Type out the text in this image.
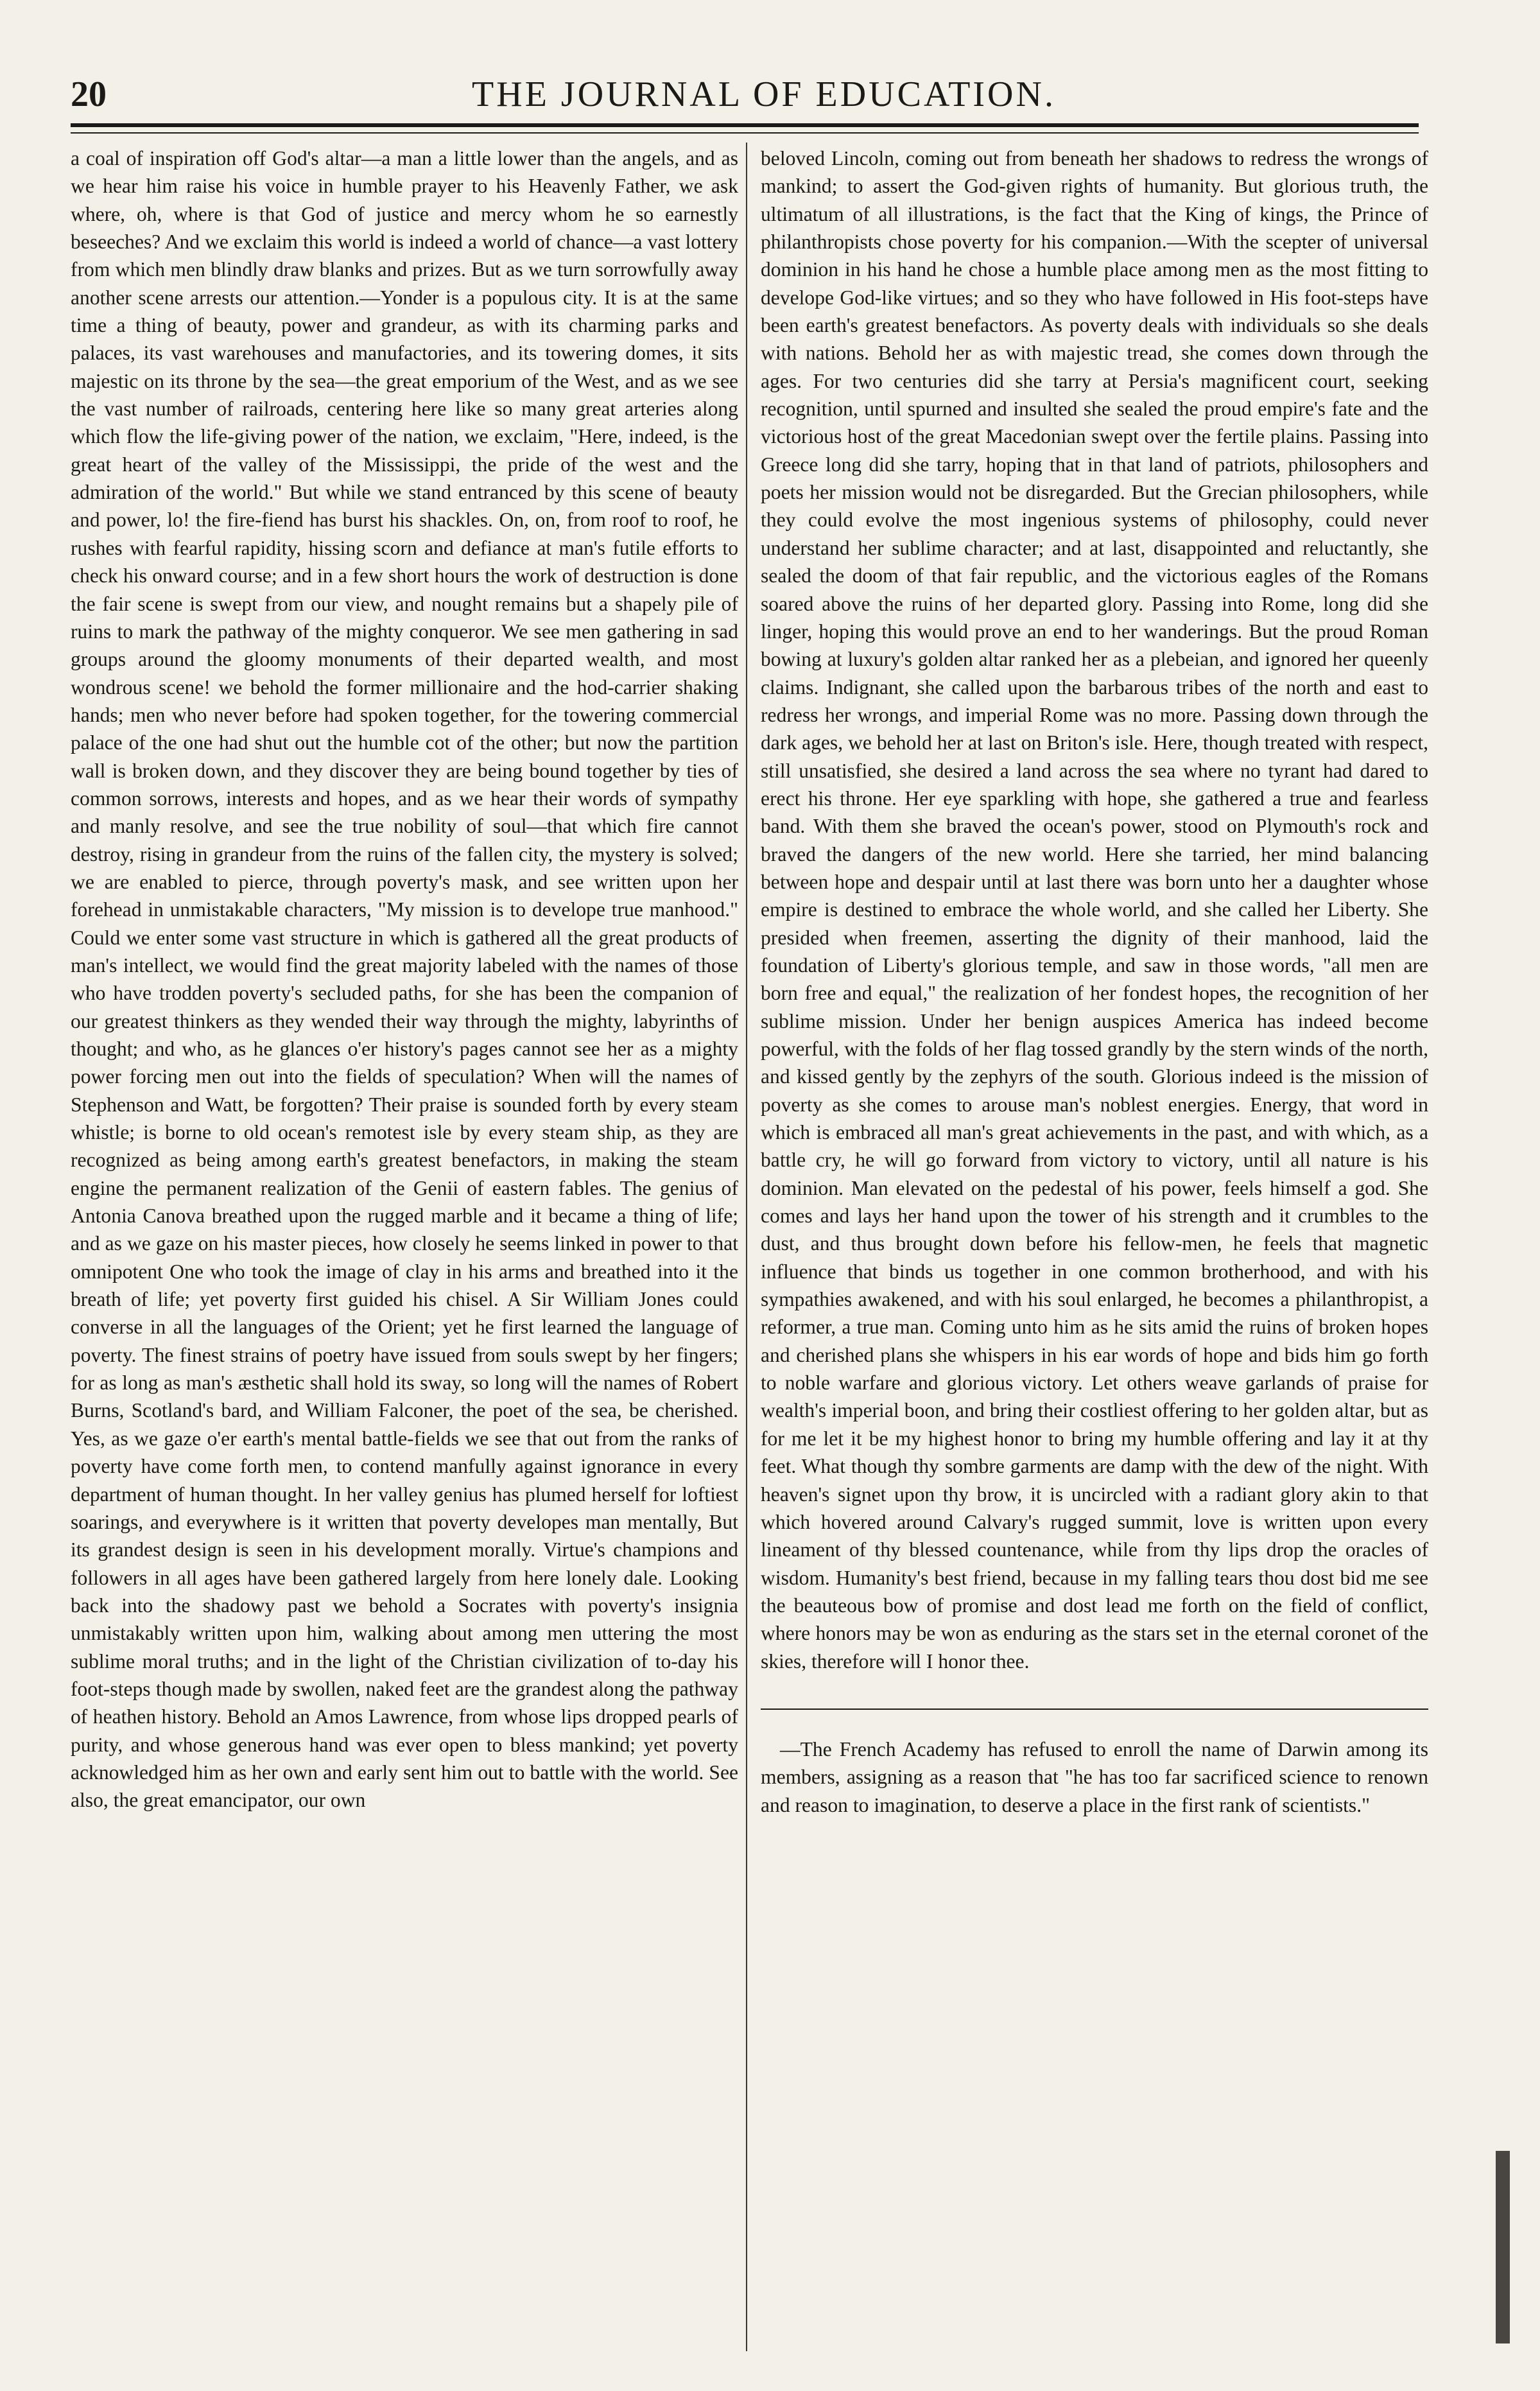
20	THE JOURNAL OF EDUCATION.

a coal of inspiration off God's altar—a man a little lower than the angels, and as we hear him raise his voice in humble prayer to his Heavenly Father, we ask where, oh, where is that God of justice and mercy whom he so earnestly beseeches? And we exclaim this world is indeed a world of chance—a vast lottery from which men blindly draw blanks and prizes. But as we turn sorrowfully away another scene arrests our attention.—Yonder is a populous city. It is at the same time a thing of beauty, power and grandeur, as with its charming parks and palaces, its vast warehouses and manufactories, and its towering domes, it sits majestic on its throne by the sea—the great emporium of the West, and as we see the vast number of railroads, centering here like so many great arteries along which flow the life-giving power of the nation, we exclaim, "Here, indeed, is the great heart of the valley of the Mississippi, the pride of the west and the admiration of the world." But while we stand entranced by this scene of beauty and power, lo! the fire-fiend has burst his shackles. On, on, from roof to roof, he rushes with fearful rapidity, hissing scorn and defiance at man's futile efforts to check his onward course; and in a few short hours the work of destruction is done the fair scene is swept from our view, and nought remains but a shapely pile of ruins to mark the pathway of the mighty conqueror. We see men gathering in sad groups around the gloomy monuments of their departed wealth, and most wondrous scene! we behold the former millionaire and the hod-carrier shaking hands; men who never before had spoken together, for the towering commercial palace of the one had shut out the humble cot of the other; but now the partition wall is broken down, and they discover they are being bound together by ties of common sorrows, interests and hopes, and as we hear their words of sympathy and manly resolve, and see the true nobility of soul—that which fire cannot destroy, rising in grandeur from the ruins of the fallen city, the mystery is solved; we are enabled to pierce, through poverty's mask, and see written upon her forehead in unmistakable characters, "My mission is to develope true manhood." Could we enter some vast structure in which is gathered all the great products of man's intellect, we would find the great majority labeled with the names of those who have trodden poverty's secluded paths, for she has been the companion of our greatest thinkers as they wended their way through the mighty, labyrinths of thought; and who, as he glances o'er history's pages cannot see her as a mighty power forcing men out into the fields of speculation? When will the names of Stephenson and Watt, be forgotten? Their praise is sounded forth by every steam whistle; is borne to old ocean's remotest isle by every steam ship, as they are recognized as being among earth's greatest benefactors, in making the steam engine the permanent realization of the Genii of eastern fables. The genius of Antonia Canova breathed upon the rugged marble and it became a thing of life; and as we gaze on his master pieces, how closely he seems linked in power to that omnipotent One who took the image of clay in his arms and breathed into it the breath of life; yet poverty first guided his chisel. A Sir William Jones could converse in all the languages of the Orient; yet he first learned the language of poverty. The finest strains of poetry have issued from souls swept by her fingers; for as long as man's æsthetic shall hold its sway, so long will the names of Robert Burns, Scotland's bard, and William Falconer, the poet of the sea, be cherished. Yes, as we gaze o'er earth's mental battle-fields we see that out from the ranks of poverty have come forth men, to contend manfully against ignorance in every department of human thought. In her valley genius has plumed herself for loftiest soarings, and everywhere is it written that poverty developes man mentally, But its grandest design is seen in his development morally. Virtue's champions and followers in all ages have been gathered largely from here lonely dale. Looking back into the shadowy past we behold a Socrates with poverty's insignia unmistakably written upon him, walking about among men uttering the most sublime moral truths; and in the light of the Christian civilization of to-day his foot-steps though made by swollen, naked feet are the grandest along the pathway of heathen history. Behold an Amos Lawrence, from whose lips dropped pearls of purity, and whose generous hand was ever open to bless mankind; yet poverty acknowledged him as her own and early sent him out to battle with the world. See also, the great emancipator, our own

beloved Lincoln, coming out from beneath her shadows to redress the wrongs of mankind; to assert the God-given rights of humanity. But glorious truth, the ultimatum of all illustrations, is the fact that the King of kings, the Prince of philanthropists chose poverty for his companion.—With the scepter of universal dominion in his hand he chose a humble place among men as the most fitting to develope God-like virtues; and so they who have followed in His foot-steps have been earth's greatest benefactors. As poverty deals with individuals so she deals with nations. Behold her as with majestic tread, she comes down through the ages. For two centuries did she tarry at Persia's magnificent court, seeking recognition, until spurned and insulted she sealed the proud empire's fate and the victorious host of the great Macedonian swept over the fertile plains. Passing into Greece long did she tarry, hoping that in that land of patriots, philosophers and poets her mission would not be disregarded. But the Grecian philosophers, while they could evolve the most ingenious systems of philosophy, could never understand her sublime character; and at last, disappointed and reluctantly, she sealed the doom of that fair republic, and the victorious eagles of the Romans soared above the ruins of her departed glory. Passing into Rome, long did she linger, hoping this would prove an end to her wanderings. But the proud Roman bowing at luxury's golden altar ranked her as a plebeian, and ignored her queenly claims. Indignant, she called upon the barbarous tribes of the north and east to redress her wrongs, and imperial Rome was no more. Passing down through the dark ages, we behold her at last on Briton's isle. Here, though treated with respect, still unsatisfied, she desired a land across the sea where no tyrant had dared to erect his throne. Her eye sparkling with hope, she gathered a true and fearless band. With them she braved the ocean's power, stood on Plymouth's rock and braved the dangers of the new world. Here she tarried, her mind balancing between hope and despair until at last there was born unto her a daughter whose empire is destined to embrace the whole world, and she called her Liberty. She presided when freemen, asserting the dignity of their manhood, laid the foundation of Liberty's glorious temple, and saw in those words, "all men are born free and equal," the realization of her fondest hopes, the recognition of her sublime mission. Under her benign auspices America has indeed become powerful, with the folds of her flag tossed grandly by the stern winds of the north, and kissed gently by the zephyrs of the south. Glorious indeed is the mission of poverty as she comes to arouse man's noblest energies. Energy, that word in which is embraced all man's great achievements in the past, and with which, as a battle cry, he will go forward from victory to victory, until all nature is his dominion. Man elevated on the pedestal of his power, feels himself a god. She comes and lays her hand upon the tower of his strength and it crumbles to the dust, and thus brought down before his fellow-men, he feels that magnetic influence that binds us together in one common brotherhood, and with his sympathies awakened, and with his soul enlarged, he becomes a philanthropist, a reformer, a true man. Coming unto him as he sits amid the ruins of broken hopes and cherished plans she whispers in his ear words of hope and bids him go forth to noble warfare and glorious victory. Let others weave garlands of praise for wealth's imperial boon, and bring their costliest offering to her golden altar, but as for me let it be my highest honor to bring my humble offering and lay it at thy feet. What though thy sombre garments are damp with the dew of the night. With heaven's signet upon thy brow, it is uncircled with a radiant glory akin to that which hovered around Calvary's rugged summit, love is written upon every lineament of thy blessed countenance, while from thy lips drop the oracles of wisdom. Humanity's best friend, because in my falling tears thou dost bid me see the beauteous bow of promise and dost lead me forth on the field of conflict, where honors may be won as enduring as the stars set in the eternal coronet of the skies, therefore will I honor thee.

—The French Academy has refused to enroll the name of Darwin among its members, assigning as a reason that "he has too far sacrificed science to renown and reason to imagination, to deserve a place in the first rank of scientists."
